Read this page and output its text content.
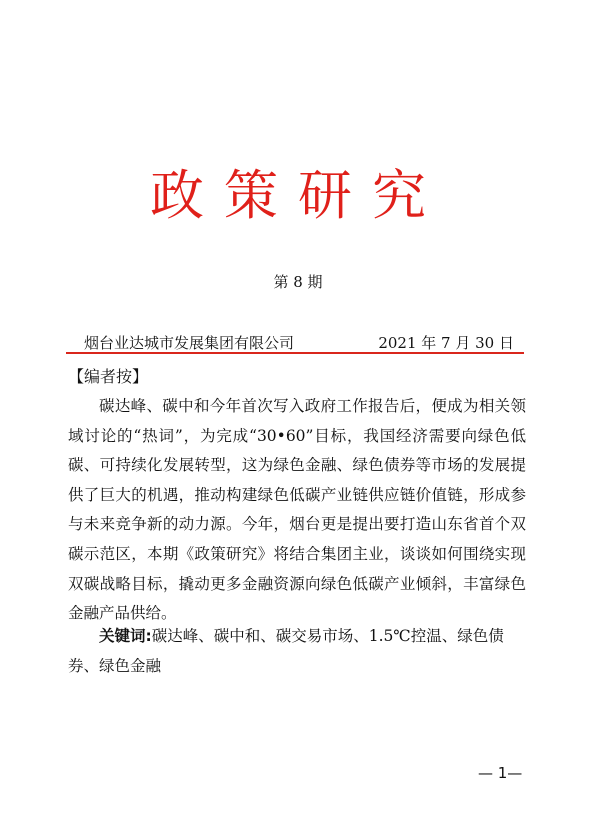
政策研究
第 8 期
烟台业达城市发展集团有限公司	2021 年 7 月 30 日
【编者按】

碳达峰、碳中和今年首次写入政府工作报告后，便成为相关领域讨论的“热词”，为完成“30•60”目标，我国经济需要向绿色低碳、可持续化发展转型，这为绿色金融、绿色债券等市场的发展提供了巨大的机遇，推动构建绿色低碳产业链供应链价值链，形成参与未来竞争新的动力源。今年，烟台更是提出要打造山东省首个双碳示范区，本期《政策研究》将结合集团主业，谈谈如何围绕实现双碳战略目标，撬动更多金融资源向绿色低碳产业倾斜，丰富绿色金融产品供给。

关键词:碳达峰、碳中和、碳交易市场、1.5℃控温、绿色债券、绿色金融

— 1—
